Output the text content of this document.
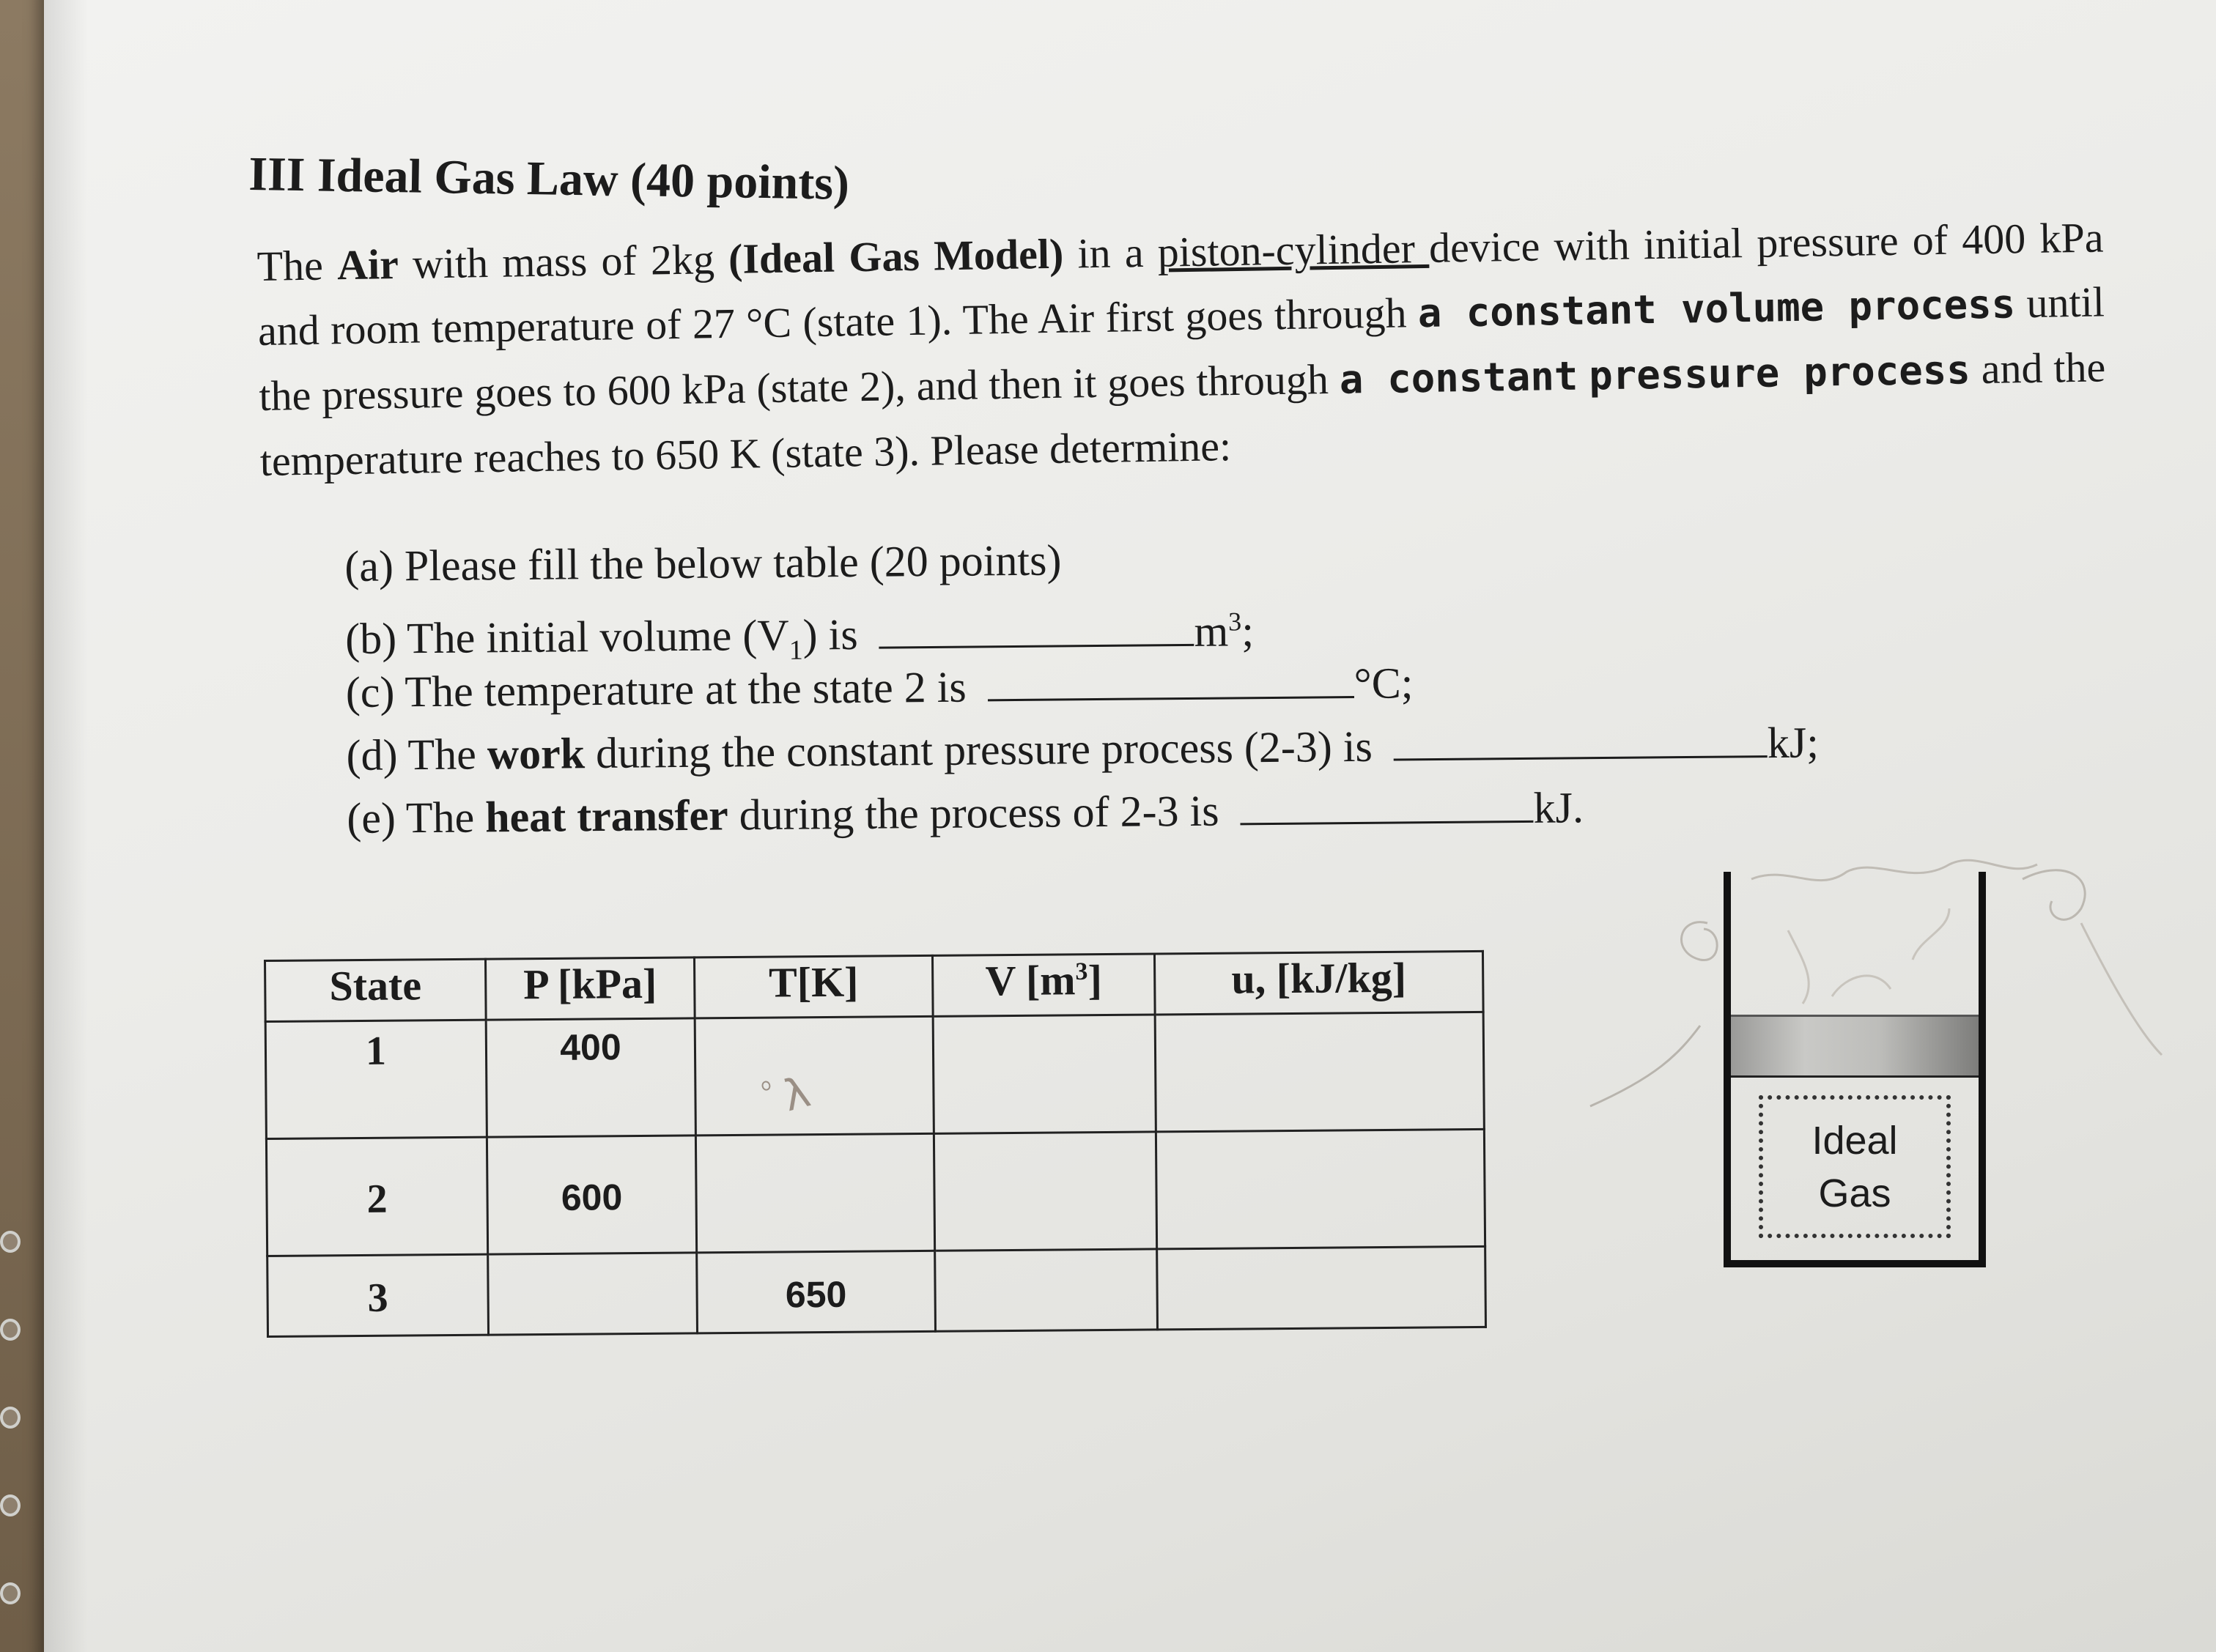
III Ideal Gas Law (40 points)
The Air with mass of 2kg (Ideal Gas Model) in a piston-cylinder device with initial pressure of 400 kPa and room temperature of 27 °C (state 1). The Air first goes through a constant volume process until the pressure goes to 600 kPa (state 2), and then it goes through a constant pressure process and the temperature reaches to 650 K (state 3). Please determine:
(a) Please fill the below table (20 points)
(b) The initial volume $(V_1)$ is	$m^3$;
(c) The temperature at the state 2 is	°C;
(d) The work during the constant pressure process (2-3) is	kJ;
(e) The heat transfer during the process of 2-3 is	kJ.
State	P [kPa]	T[K]	V $[m^3]$	u, [kJ/kg]
1	400			
2	600			
3		650		
ﾟλ
Ideal
Gas
